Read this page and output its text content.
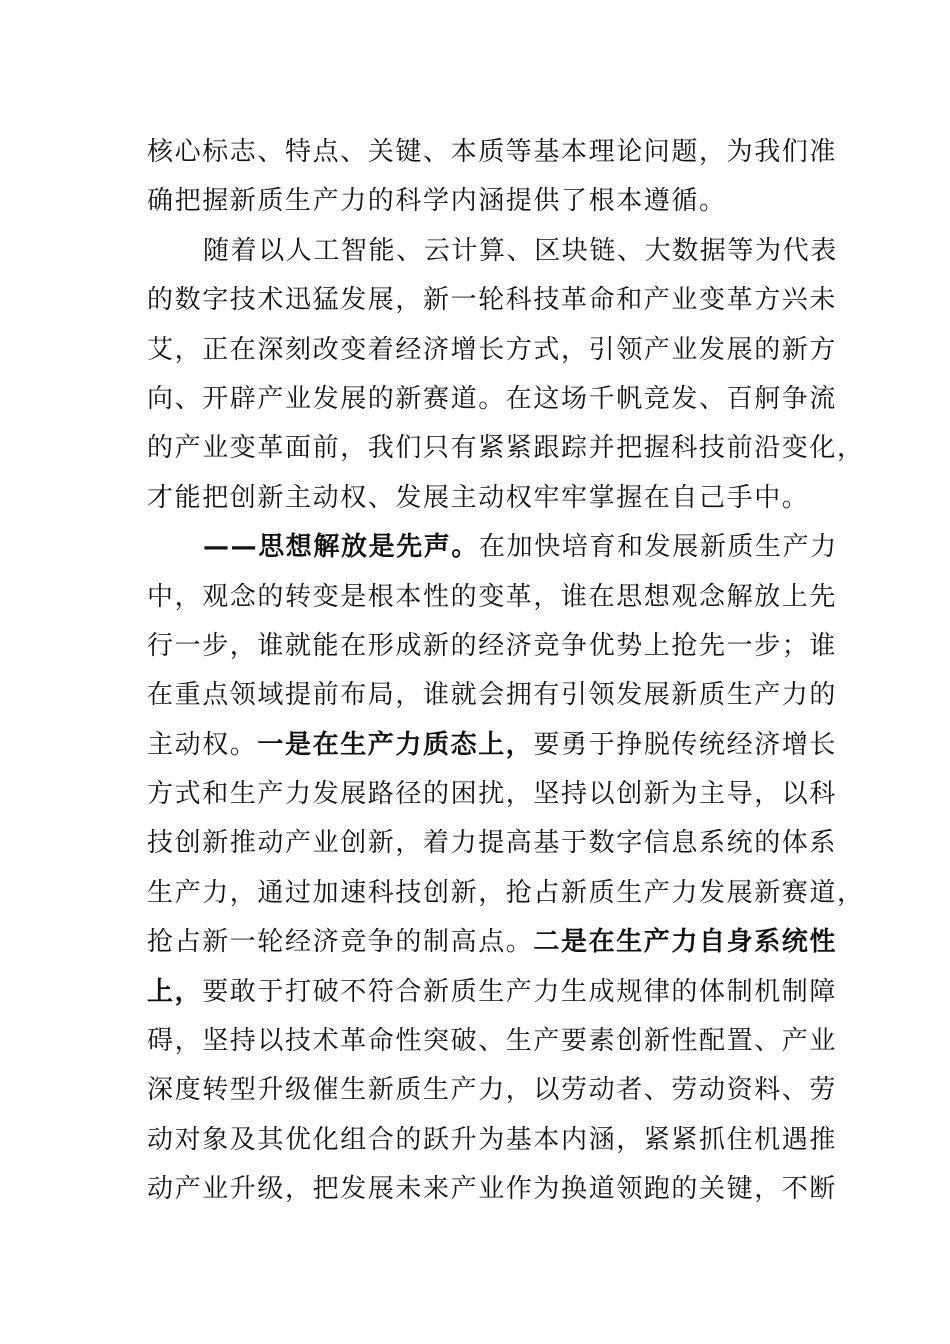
核心标志、特点、关键、本质等基本理论问题，为我们准
确把握新质生产力的科学内涵提供了根本遵循。
随着以人工智能、云计算、区块链、大数据等为代表
的数字技术迅猛发展，新一轮科技革命和产业变革方兴未
艾，正在深刻改变着经济增长方式，引领产业发展的新方
向、开辟产业发展的新赛道。在这场千帆竞发、百舸争流
的产业变革面前，我们只有紧紧跟踪并把握科技前沿变化，
才能把创新主动权、发展主动权牢牢掌握在自己手中。
——思想解放是先声。在加快培育和发展新质生产力
中，观念的转变是根本性的变革，谁在思想观念解放上先
行一步，谁就能在形成新的经济竞争优势上抢先一步；谁
在重点领域提前布局，谁就会拥有引领发展新质生产力的
主动权。一是在生产力质态上，要勇于挣脱传统经济增长
方式和生产力发展路径的困扰，坚持以创新为主导，以科
技创新推动产业创新，着力提高基于数字信息系统的体系
生产力，通过加速科技创新，抢占新质生产力发展新赛道，
抢占新一轮经济竞争的制高点。二是在生产力自身系统性
上，要敢于打破不符合新质生产力生成规律的体制机制障
碍，坚持以技术革命性突破、生产要素创新性配置、产业
深度转型升级催生新质生产力，以劳动者、劳动资料、劳
动对象及其优化组合的跃升为基本内涵，紧紧抓住机遇推
动产业升级，把发展未来产业作为换道领跑的关键，不断
